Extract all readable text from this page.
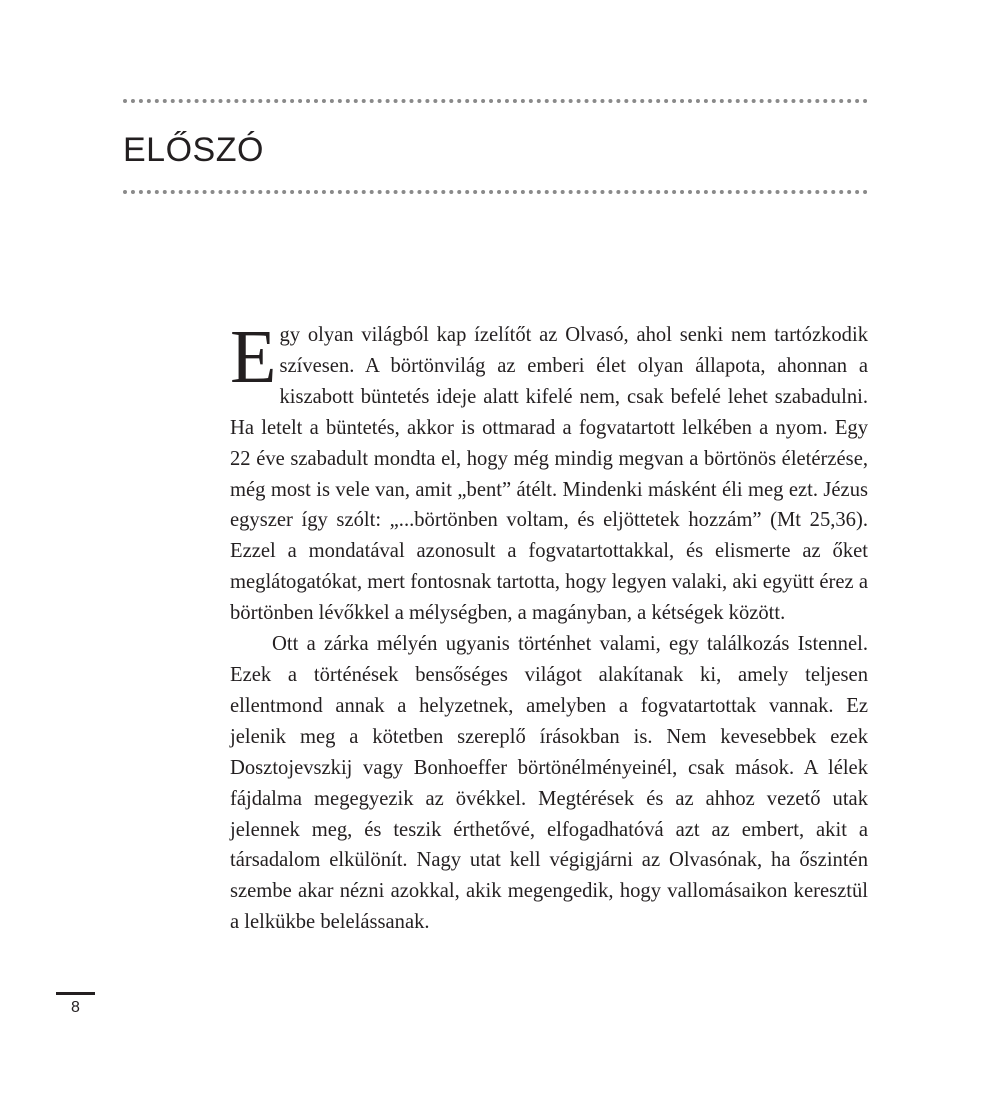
ELŐSZÓ

Egy olyan világból kap ízelítőt az Olvasó, ahol senki nem tartózkodik szívesen. A börtönvilág az emberi élet olyan állapota, ahonnan a kiszabott büntetés ideje alatt kifelé nem, csak befelé lehet szabadulni. Ha letelt a büntetés, akkor is ottmarad a fogvatartott lelkében a nyom. Egy 22 éve szabadult mondta el, hogy még mindig megvan a börtönös életérzése, még most is vele van, amit „bent” átélt. Mindenki másként éli meg ezt. Jézus egyszer így szólt: „...börtönben voltam, és eljöttetek hozzám” (Mt 25,36). Ezzel a mondatával azonosult a fogvatartottakkal, és elismerte az őket meglátogatókat, mert fontosnak tartotta, hogy legyen valaki, aki együtt érez a börtönben lévőkkel a mélységben, a magányban, a kétségek között.

Ott a zárka mélyén ugyanis történhet valami, egy találkozás Istennel. Ezek a történések bensőséges világot alakítanak ki, amely teljesen ellentmond annak a helyzetnek, amelyben a fogvatartottak vannak. Ez jelenik meg a kötetben szereplő írásokban is. Nem kevesebbek ezek Dosztojevszkij vagy Bonhoeffer börtönélményeinél, csak mások. A lélek fájdalma megegyezik az övékkel. Megtérések és az ahhoz vezető utak jelennek meg, és teszik érthetővé, elfogadhatóvá azt az embert, akit a társadalom elkülönít. Nagy utat kell végigjárni az Olvasónak, ha őszintén szembe akar nézni azokkal, akik megengedik, hogy vallomásaikon keresztül a lelkükbe belelássanak.

8
